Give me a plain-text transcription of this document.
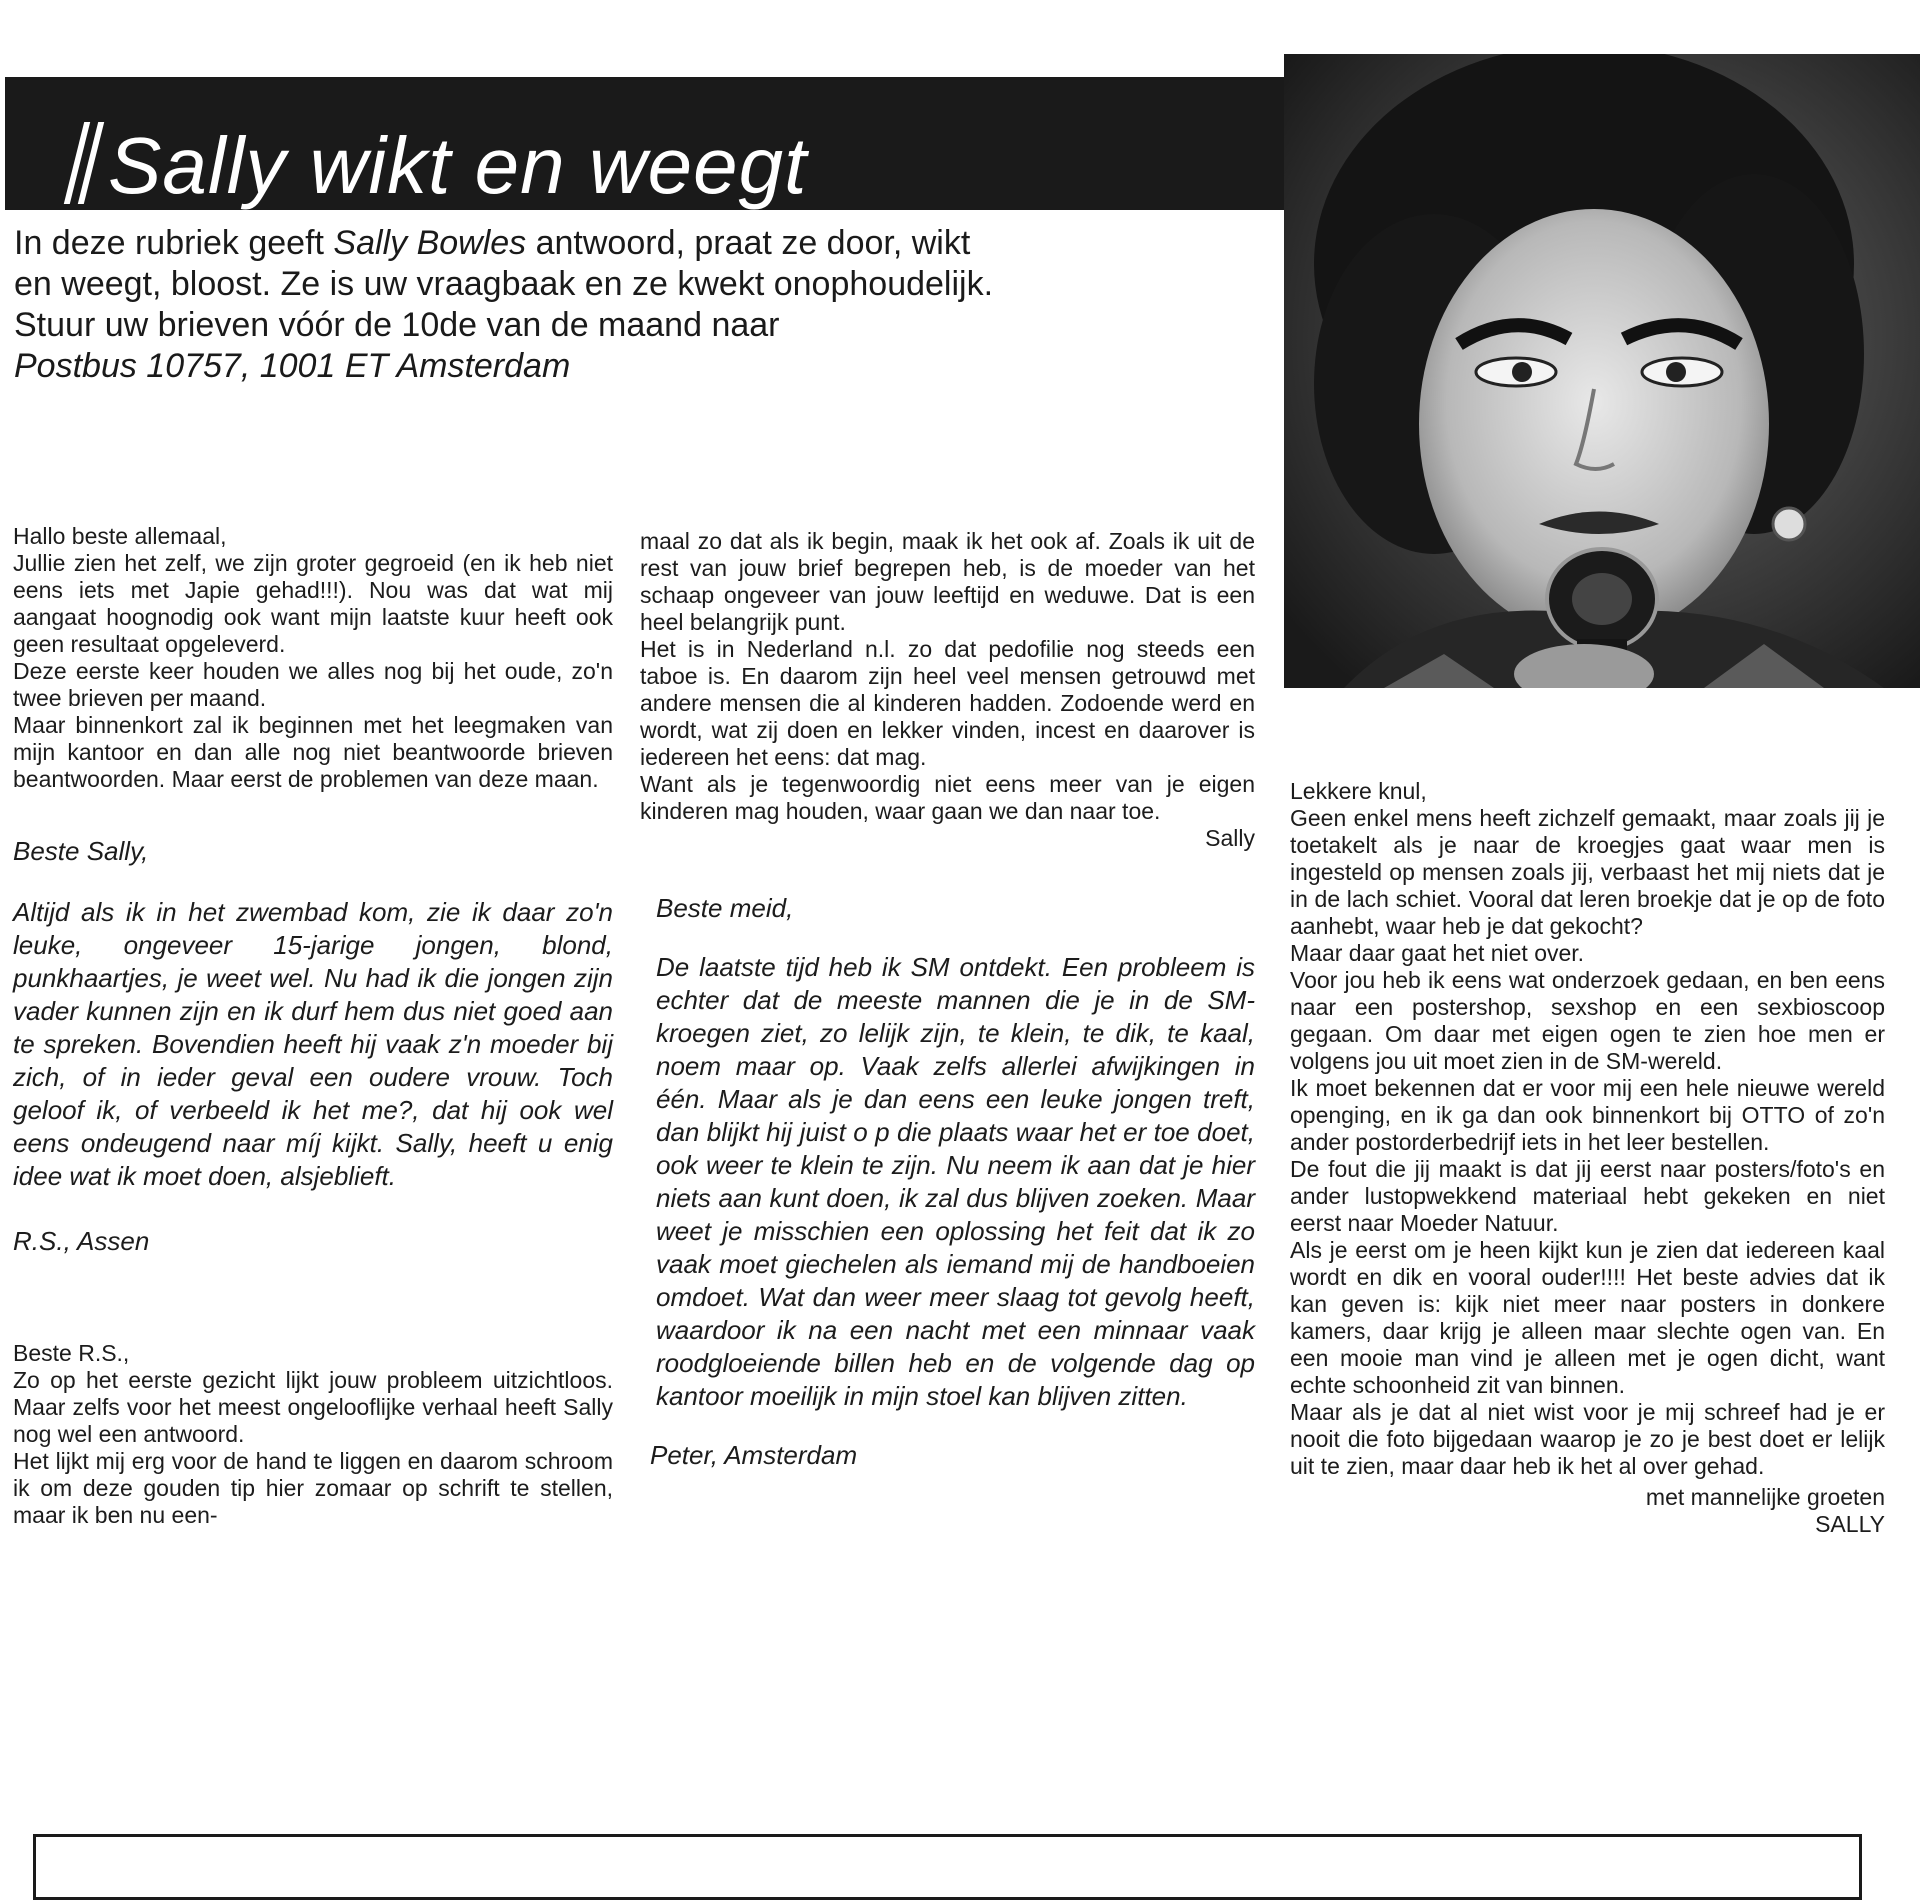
Sally wikt en weegt

In deze rubriek geeft Sally Bowles antwoord, praat ze door, wikt

en weegt, bloost. Ze is uw vraagbaak en ze kwekt onophoudelijk.

Stuur uw brieven vóór de 10de van de maand naar

Postbus 10757, 1001 ET Amsterdam

Hallo beste allemaal,

Jullie zien het zelf, we zijn groter gegroeid (en ik heb niet eens iets met Japie gehad!!!). Nou was dat wat mij aangaat hoognodig ook want mijn laatste kuur heeft ook geen resultaat opgeleverd.

Deze eerste keer houden we alles nog bij het oude, zo'n twee brieven per maand.

Maar binnenkort zal ik beginnen met het leegmaken van mijn kantoor en dan alle nog niet beantwoorde brieven beantwoorden. Maar eerst de problemen van deze maan.

Beste Sally,

Altijd als ik in het zwembad kom, zie ik daar zo'n leuke, ongeveer 15-jarige jongen, blond, punkhaartjes, je weet wel. Nu had ik die jongen zijn vader kunnen zijn en ik durf hem dus niet goed aan te spreken. Bovendien heeft hij vaak z'n moeder bij zich, of in ieder geval een oudere vrouw. Toch geloof ik, of verbeeld ik het me?, dat hij ook wel eens ondeugend naar míj kijkt. Sally, heeft u enig idee wat ik moet doen, alsjeblieft.

R.S., Assen

Beste R.S.,

Zo op het eerste gezicht lijkt jouw probleem uitzichtloos. Maar zelfs voor het meest ongelooflijke verhaal heeft Sally nog wel een antwoord.

Het lijkt mij erg voor de hand te liggen en daarom schroom ik om deze gouden tip hier zomaar op schrift te stellen, maar ik ben nu een-

maal zo dat als ik begin, maak ik het ook af. Zoals ik uit de rest van jouw brief begrepen heb, is de moeder van het schaap ongeveer van jouw leeftijd en weduwe. Dat is een heel belangrijk punt.

Het is in Nederland n.l. zo dat pedofilie nog steeds een taboe is. En daarom zijn heel veel mensen getrouwd met andere mensen die al kinderen hadden. Zodoende werd en wordt, wat zij doen en lekker vinden, incest en daarover is iedereen het eens: dat mag.

Want als je tegenwoordig niet eens meer van je eigen kinderen mag houden, waar gaan we dan naar toe.

Sally

Beste meid,

De laatste tijd heb ik SM ontdekt. Een probleem is echter dat de meeste mannen die je in de SM-kroegen ziet, zo lelijk zijn, te klein, te dik, te kaal, noem maar op. Vaak zelfs allerlei afwijkingen in één. Maar als je dan eens een leuke jongen treft, dan blijkt hij juist o p die plaats waar het er toe doet, ook weer te klein te zijn. Nu neem ik aan dat je hier niets aan kunt doen, ik zal dus blijven zoeken. Maar weet je misschien een oplossing het feit dat ik zo vaak moet giechelen als iemand mij de handboeien omdoet. Wat dan weer meer slaag tot gevolg heeft, waardoor ik na een nacht met een minnaar vaak roodgloeiende billen heb en de volgende dag op kantoor moeilijk in mijn stoel kan blijven zitten.

Peter, Amsterdam

Lekkere knul,

Geen enkel mens heeft zichzelf gemaakt, maar zoals jij je toetakelt als je naar de kroegjes gaat waar men is ingesteld op mensen zoals jij, verbaast het mij niets dat je in de lach schiet. Vooral dat leren broekje dat je op de foto aanhebt, waar heb je dat gekocht?

Maar daar gaat het niet over.

Voor jou heb ik eens wat onderzoek gedaan, en ben eens naar een postershop, sexshop en een sexbioscoop gegaan. Om daar met eigen ogen te zien hoe men er volgens jou uit moet zien in de SM-wereld.

Ik moet bekennen dat er voor mij een hele nieuwe wereld openging, en ik ga dan ook binnenkort bij OTTO of zo'n ander postorderbedrijf iets in het leer bestellen.

De fout die jij maakt is dat jij eerst naar posters/foto's en ander lustopwekkend materiaal hebt gekeken en niet eerst naar Moeder Natuur.

Als je eerst om je heen kijkt kun je zien dat iedereen kaal wordt en dik en vooral ouder!!!! Het beste advies dat ik kan geven is: kijk niet meer naar posters in donkere kamers, daar krijg je alleen maar slechte ogen van. En een mooie man vind je alleen met je ogen dicht, want echte schoonheid zit van binnen.

Maar als je dat al niet wist voor je mij schreef had je er nooit die foto bijgedaan waarop je zo je best doet er lelijk uit te zien, maar daar heb ik het al over gehad.

met mannelijke groeten

SALLY
